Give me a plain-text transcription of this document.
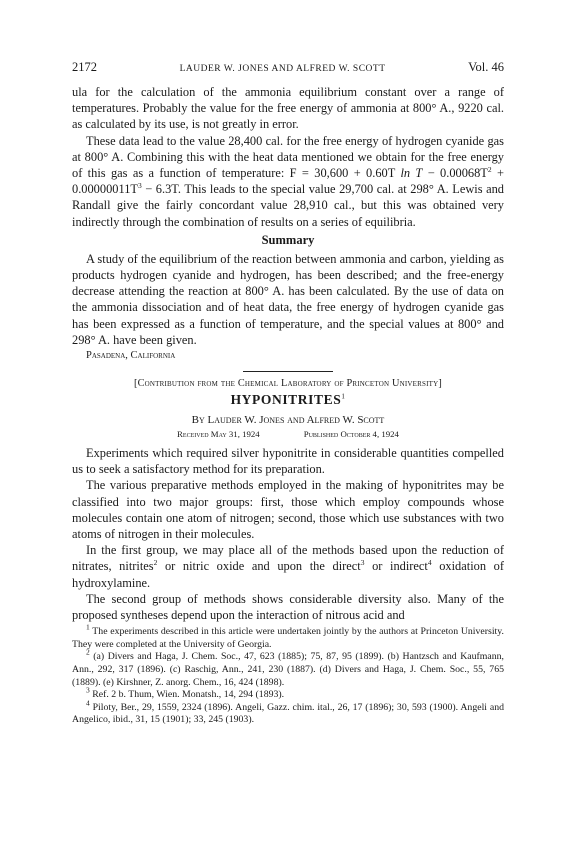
2172	LAUDER W. JONES AND ALFRED W. SCOTT	Vol. 46

ula for the calculation of the ammonia equilibrium constant over a range of temperatures. Probably the value for the free energy of ammonia at 800° A., 9220 cal. as calculated by its use, is not greatly in error.

These data lead to the value 28,400 cal. for the free energy of hydrogen cyanide gas at 800° A. Combining this with the heat data mentioned we obtain for the free energy of this gas as a function of temperature: F = 30,600 + 0.60T $\ln T - 0.00068T^2 + 0.00000011T^3 - 6.3T$. This leads to the special value 29,700 cal. at 298° A. Lewis and Randall give the fairly concordant value 28,910 cal., but this was obtained very indirectly through the combination of results on a series of equilibria.

Summary

A study of the equilibrium of the reaction between ammonia and carbon, yielding as products hydrogen cyanide and hydrogen, has been described; and the free-energy decrease attending the reaction at 800° A. has been calculated. By the use of data on the ammonia dissociation and of heat data, the free energy of hydrogen cyanide gas has been expressed as a function of temperature, and the special values at 800° and 298° A. have been given.

Pasadena, California
[Contribution from the Chemical Laboratory of Princeton University]
HYPONITRITES$^1$
By Lauder W. Jones and Alfred W. Scott
Received May 31, 1924	Published October 4, 1924

Experiments which required silver hyponitrite in considerable quantities compelled us to seek a satisfactory method for its preparation.

The various preparative methods employed in the making of hyponitrites may be classified into two major groups: first, those which employ compounds whose molecules contain one atom of nitrogen; second, those which use substances with two atoms of nitrogen in their molecules.

In the first group, we may place all of the methods based upon the reduction of nitrates, nitrites$^2$ or nitric oxide and upon the direct$^3$ or indirect$^4$ oxidation of hydroxylamine.

The second group of methods shows considerable diversity also. Many of the proposed syntheses depend upon the interaction of nitrous acid and

$^1$ The experiments described in this article were undertaken jointly by the authors at Princeton University. They were completed at the University of Georgia.

$^2$ (a) Divers and Haga, J. Chem. Soc., 47, 623 (1885); 75, 87, 95 (1899). (b) Hantzsch and Kaufmann, Ann., 292, 317 (1896). (c) Raschig, Ann., 241, 230 (1887). (d) Divers and Haga, J. Chem. Soc., 55, 765 (1889). (e) Kirshner, Z. anorg. Chem., 16, 424 (1898).

$^3$ Ref. 2 b. Thum, Wien. Monatsh., 14, 294 (1893).

$^4$ Piloty, Ber., 29, 1559, 2324 (1896). Angeli, Gazz. chim. ital., 26, 17 (1896); 30, 593 (1900). Angeli and Angelico, ibid., 31, 15 (1901); 33, 245 (1903).
